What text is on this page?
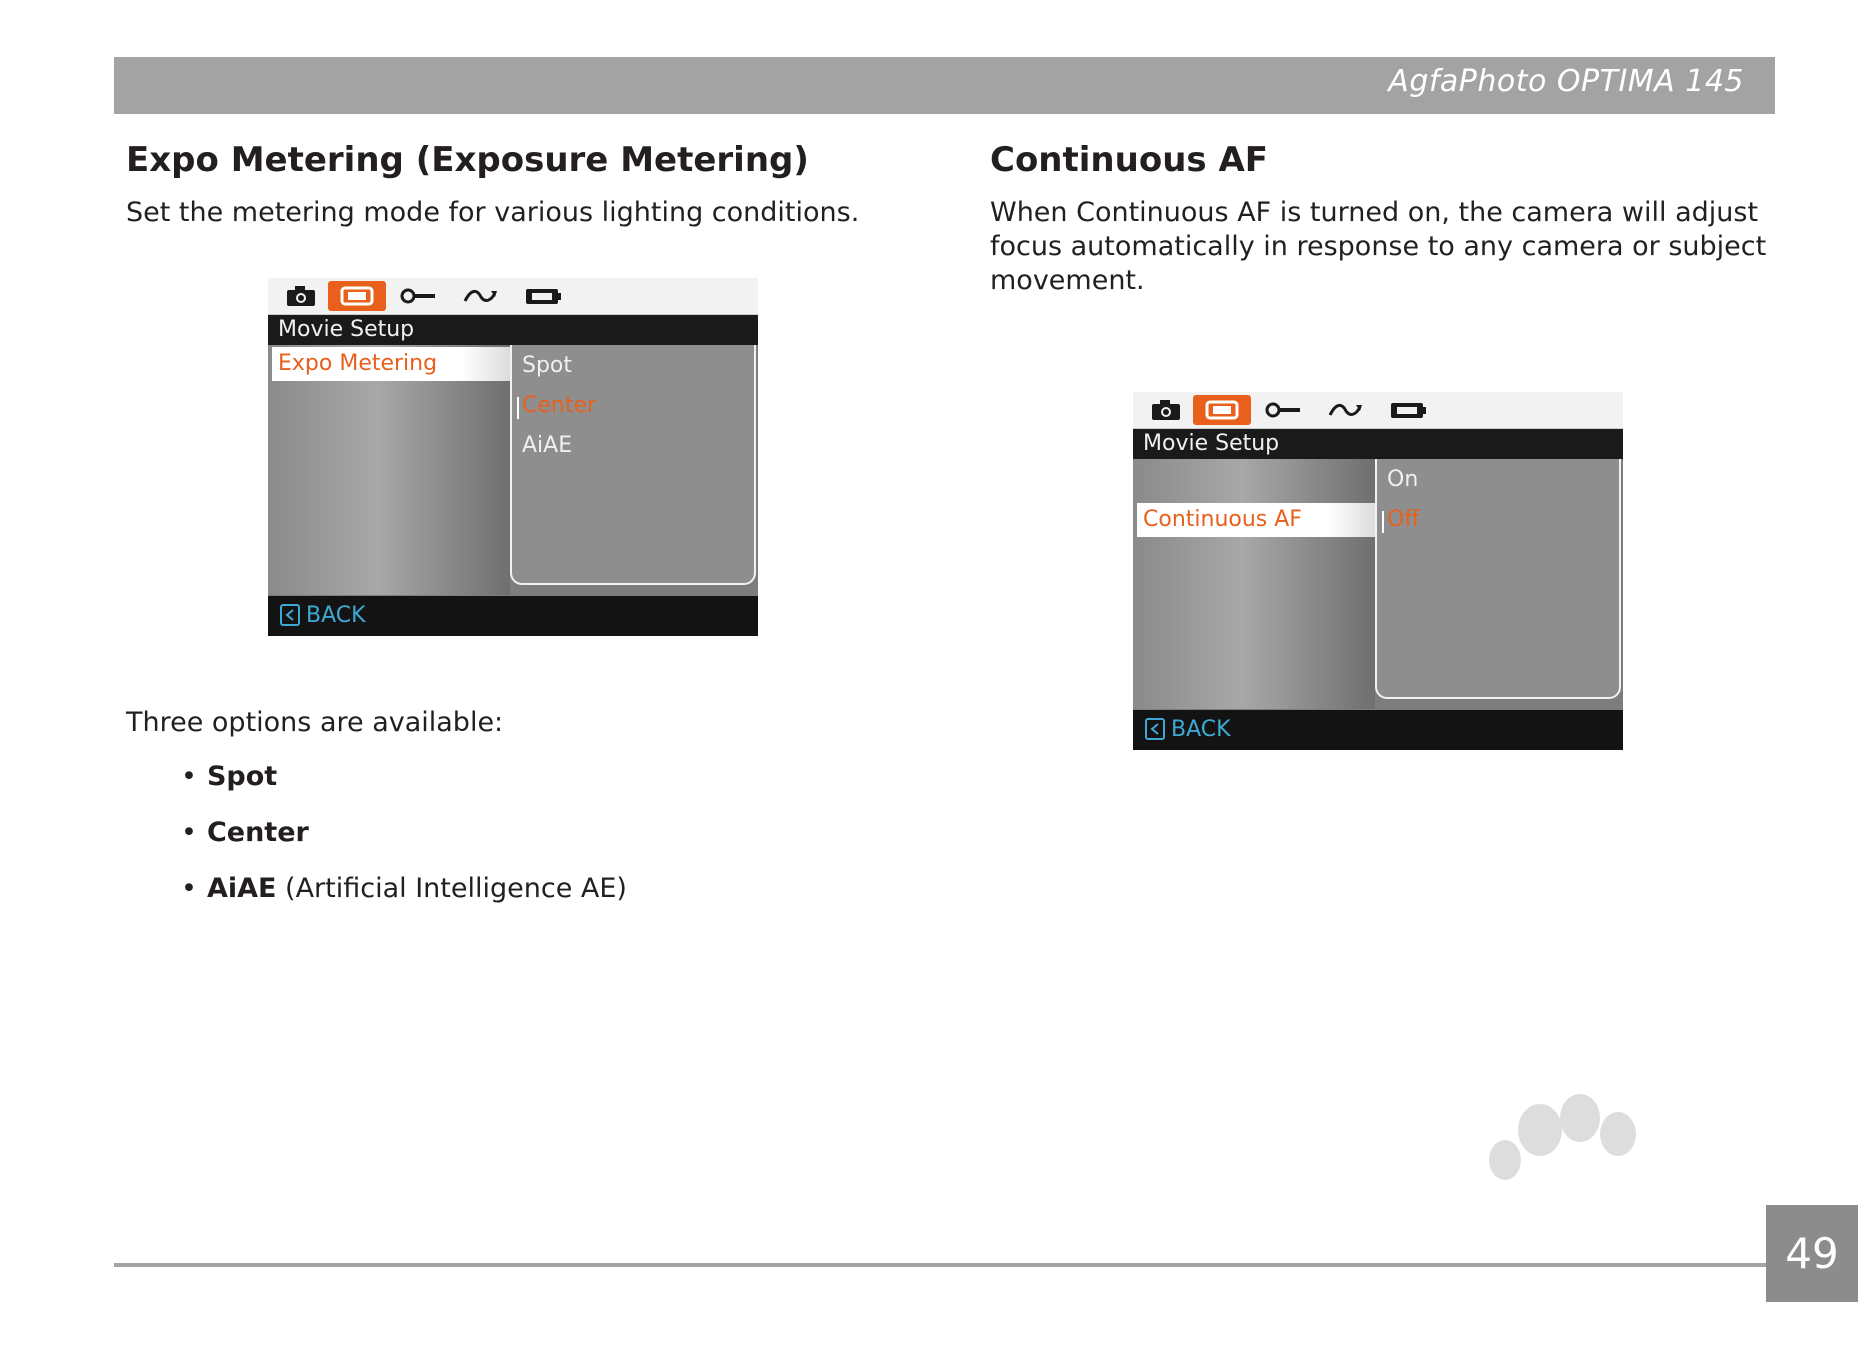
AgfaPhoto OPTIMA 145
Expo Metering (Exposure Metering)

Set the metering mode for various lighting conditions.

Movie Setup
Expo Metering	Spot
Center
AiAE
BACK

Three options are available:

• Spot
• Center
• AiAE (Artificial Intelligence AE)
Continuous AF

When Continuous AF is turned on, the camera will adjust
focus automatically in response to any camera or subject
movement.

Movie Setup
Continuous AF
On
Off
BACK
49
